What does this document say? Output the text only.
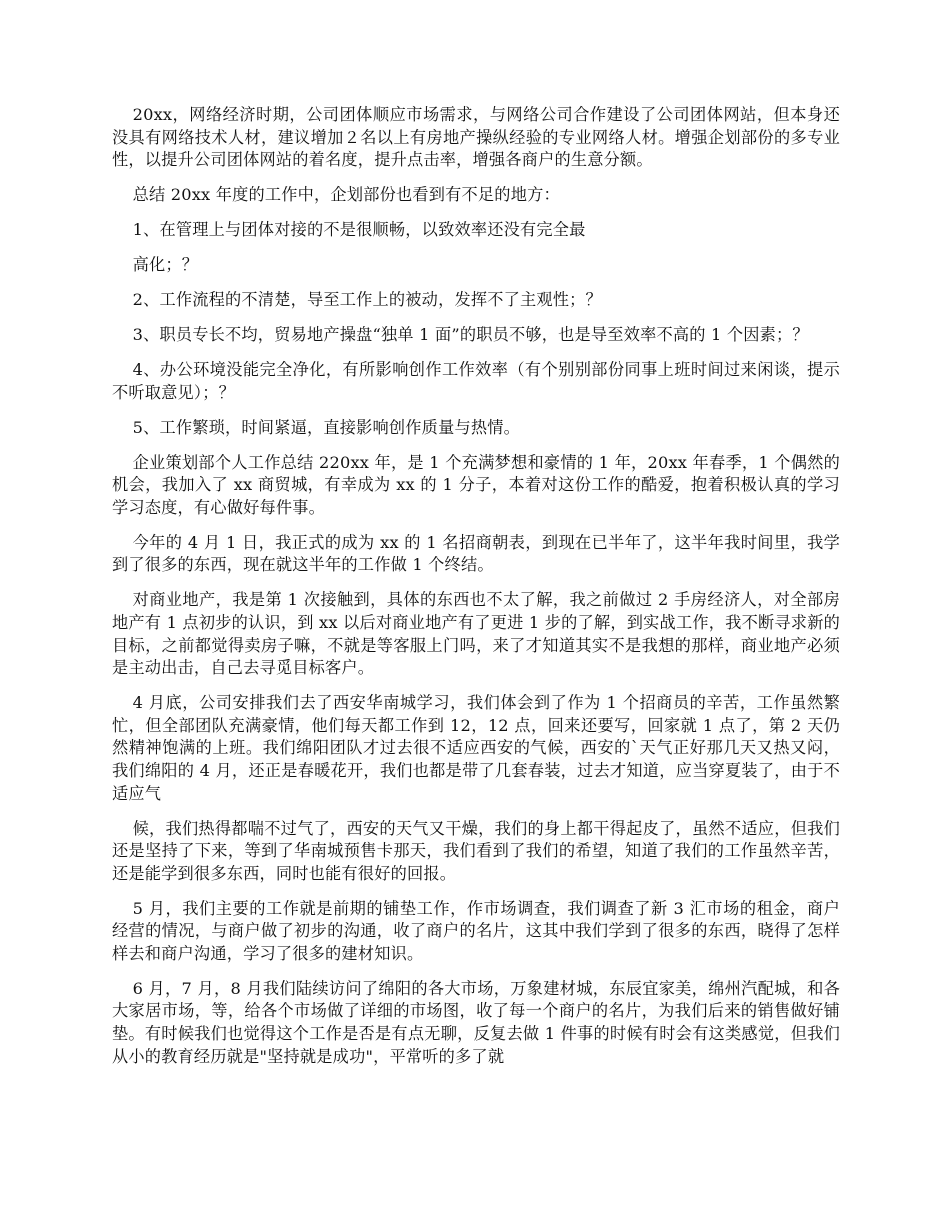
20xx，网络经济时期，公司团体顺应市场需求，与网络公司合作建设了公司团体网站，但本身还没具有网络技术人材，建议增加２名以上有房地产操纵经验的专业网络人材。增强企划部份的多专业性，以提升公司团体网站的着名度，提升点击率，增强各商户的生意分额。

总结 20xx 年度的工作中，企划部份也看到有不足的地方：

1、在管理上与团体对接的不是很顺畅，以致效率还没有完全最

高化；？

2、工作流程的不清楚，导至工作上的被动，发挥不了主观性；？

3、职员专长不均，贸易地产操盘“独单 1 面”的职员不够，也是导至效率不高的 1 个因素；？

4、办公环境没能完全净化，有所影响创作工作效率（有个别别部份同事上班时间过来闲谈，提示不听取意见）；？

5、工作繁琐，时间紧逼，直接影响创作质量与热情。

企业策划部个人工作总结 220xx 年，是 1 个充满梦想和豪情的 1 年，20xx 年春季，1 个偶然的机会，我加入了 xx 商贸城，有幸成为 xx 的 1 分子，本着对这份工作的酷爱，抱着积极认真的学习学习态度，有心做好每件事。

今年的 4 月 1 日，我正式的成为 xx 的 1 名招商朝表，到现在已半年了，这半年我时间里，我学到了很多的东西，现在就这半年的工作做 1 个终结。

对商业地产，我是第 1 次接触到，具体的东西也不太了解，我之前做过 2 手房经济人，对全部房地产有 1 点初步的认识，到 xx 以后对商业地产有了更进 1 步的了解，到实战工作，我不断寻求新的目标，之前都觉得卖房子嘛，不就是等客服上门吗，来了才知道其实不是我想的那样，商业地产必须是主动出击，自己去寻觅目标客户。

4 月底，公司安排我们去了西安华南城学习，我们体会到了作为 1 个招商员的辛苦，工作虽然繁忙，但全部团队充满豪情，他们每天都工作到 12，12 点，回来还要写，回家就 1 点了，第 2 天仍然精神饱满的上班。我们绵阳团队才过去很不适应西安的气候，西安的`天气正好那几天又热又闷，我们绵阳的 4 月，还正是春暖花开，我们也都是带了几套春装，过去才知道，应当穿夏装了，由于不适应气

候，我们热得都喘不过气了，西安的天气又干燥，我们的身上都干得起皮了，虽然不适应，但我们还是坚持了下来，等到了华南城预售卡那天，我们看到了我们的希望，知道了我们的工作虽然辛苦，还是能学到很多东西，同时也能有很好的回报。

5 月，我们主要的工作就是前期的铺垫工作，作市场调查，我们调查了新 3 汇市场的租金，商户经营的情况，与商户做了初步的沟通，收了商户的名片，这其中我们学到了很多的东西，晓得了怎样样去和商户沟通，学习了很多的建材知识。

6 月，7 月，8 月我们陆续访问了绵阳的各大市场，万象建材城，东辰宜家美，绵州汽配城，和各大家居市场，等，给各个市场做了详细的市场图，收了每一个商户的名片，为我们后来的销售做好铺垫。有时候我们也觉得这个工作是否是有点无聊，反复去做 1 件事的时候有时会有这类感觉，但我们从小的教育经历就是"坚持就是成功"，平常听的多了就
